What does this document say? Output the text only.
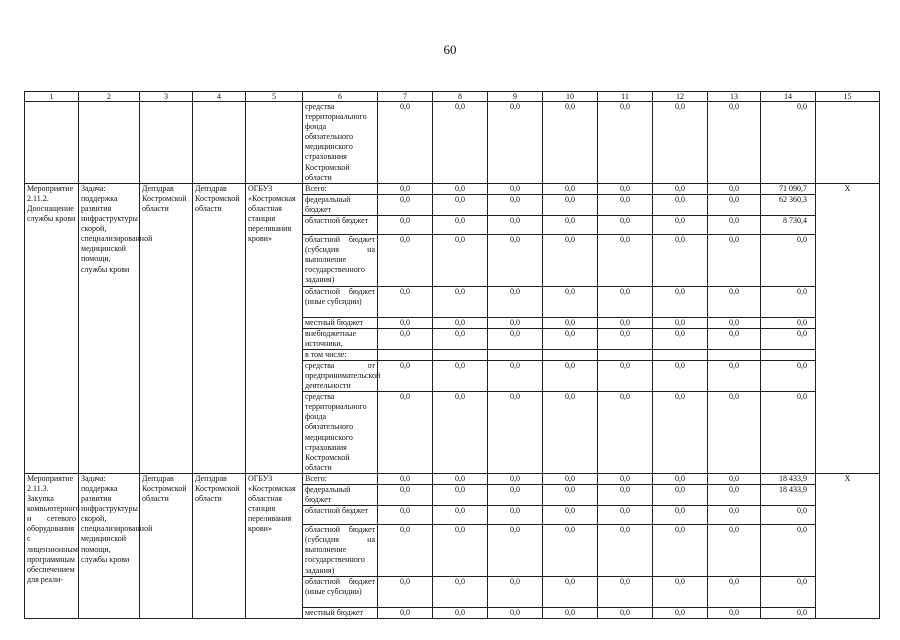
60
1	2	3	4	5	6	7	8	9	10	11	12	13	14	15
					средства территориального фонда обязательного медицинского страхования Костромской области	0,0	0,0	0,0	0,0	0,0	0,0	0,0	0,0	
Мероприятие 2.11.2. Дооснащение службы крови	Задача: поддержка развития инфраструктуры скорой, специализированной медицинской помощи, службы крови	Депздрав Костромской области	Депздрав Костромской области	ОГБУЗ «Костромская областная станция переливания крови»	Всего:	0,0	0,0	0,0	0,0	0,0	0,0	0,0	71 090,7	Х
					федеральный бюджет	0,0	0,0	0,0	0,0	0,0	0,0	0,0	62 360,3	
					областной бюджет	0,0	0,0	0,0	0,0	0,0	0,0	0,0	8 730,4	
					областной бюджет (субсидия на выполнение государственного задания)	0,0	0,0	0,0	0,0	0,0	0,0	0,0	0,0	
					областной бюджет (иные субсидии)	0,0	0,0	0,0	0,0	0,0	0,0	0,0	0,0	
					местный бюджет	0,0	0,0	0,0	0,0	0,0	0,0	0,0	0,0	
					внебюджетные источники,	0,0	0,0	0,0	0,0	0,0	0,0	0,0	0,0	
					в том числе:									
					средства от предпринимательской деятельности	0,0	0,0	0,0	0,0	0,0	0,0	0,0	0,0	
					средства территориального фонда обязательного медицинского страхования Костромской области	0,0	0,0	0,0	0,0	0,0	0,0	0,0	0,0	
Мероприятие 2.11.3. Закупка компьютерного и сетевого оборудования с лицензионным программным обеспечением для реали-	Задача: поддержка развития инфраструктуры скорой, специализированной медицинской помощи, службы крови	Депздрав Костромской области	Депздрав Костромской области	ОГБУЗ «Костромская областная станция переливания крови»	Всего:	0,0	0,0	0,0	0,0	0,0	0,0	0,0	18 433,9	Х
					федеральный бюджет	0,0	0,0	0,0	0,0	0,0	0,0	0,0	18 433,9	
					областной бюджет	0,0	0,0	0,0	0,0	0,0	0,0	0,0	0,0	
					областной бюджет (субсидия на выполнение государственного задания)	0,0	0,0	0,0	0,0	0,0	0,0	0,0	0,0	
					областной бюджет (иные субсидии)	0,0	0,0	0,0	0,0	0,0	0,0	0,0	0,0	
					местный бюджет	0,0	0,0	0,0	0,0	0,0	0,0	0,0	0,0	
